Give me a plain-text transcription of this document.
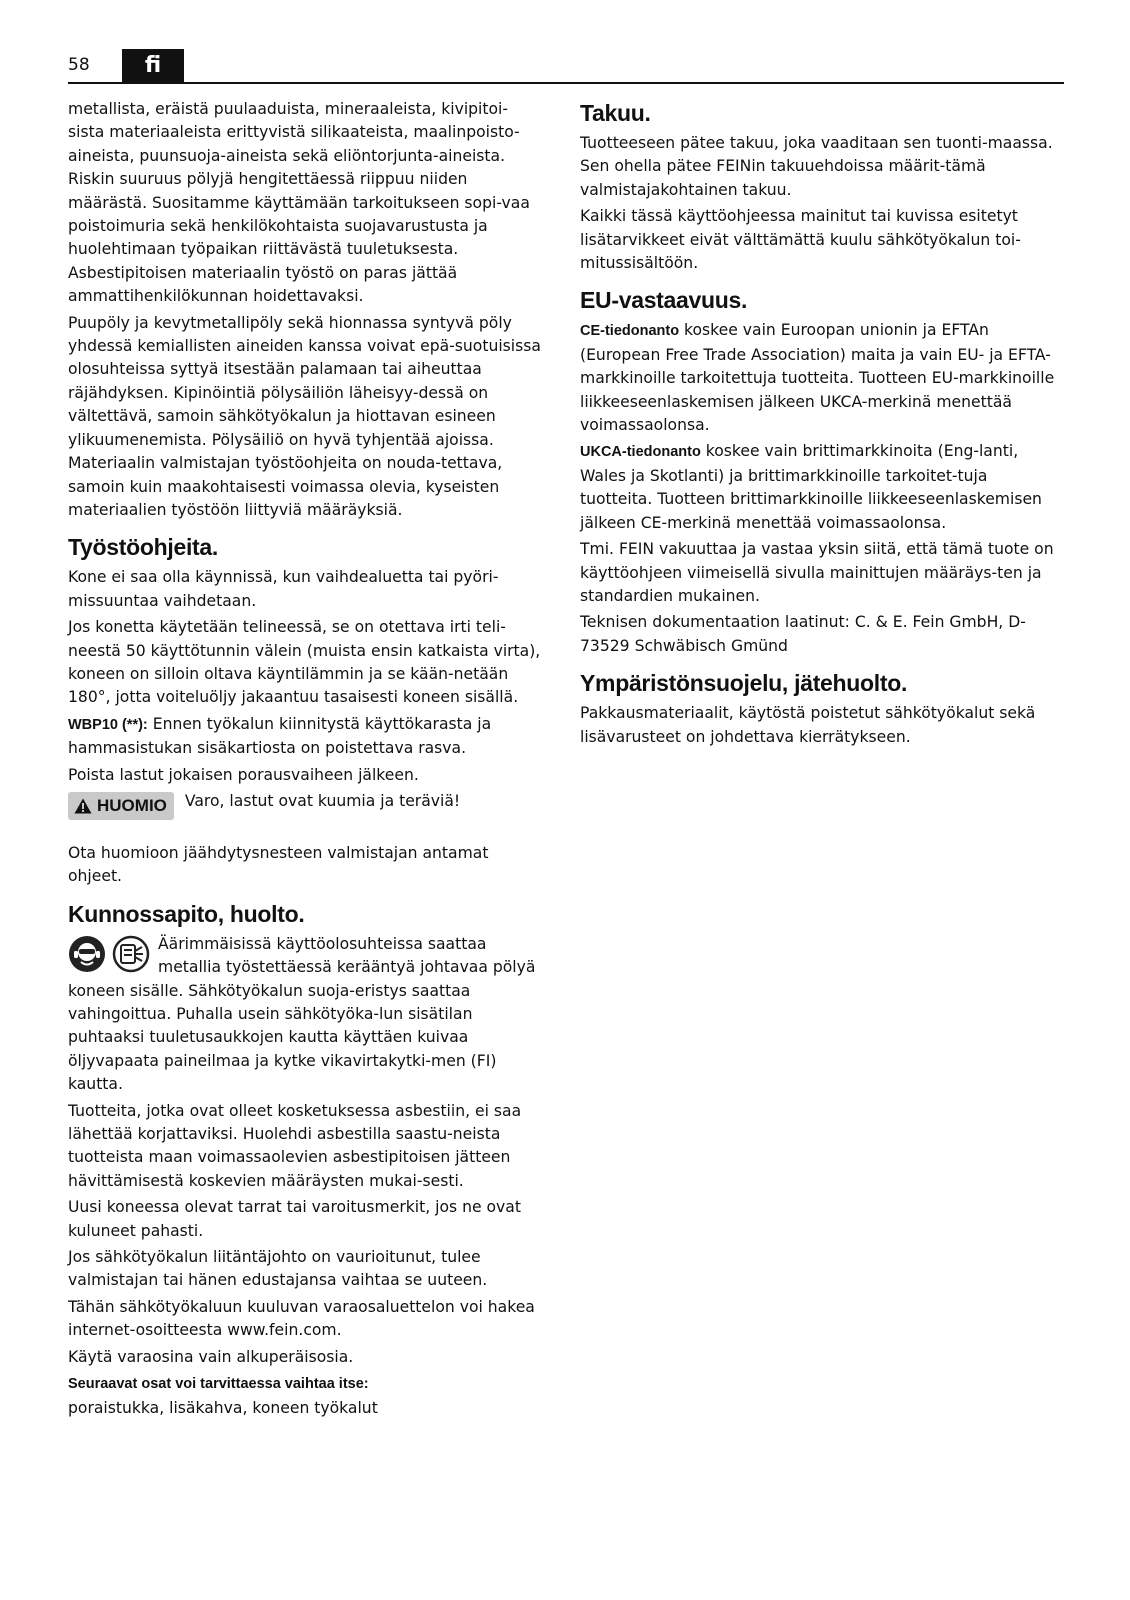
58	fi

metallista, eräistä puulaaduista, mineraaleista, kivipitoi-sista materiaaleista erittyvistä silikaateista, maalinpoisto-aineista, puunsuoja-aineista sekä eliöntorjunta-aineista. Riskin suuruus pölyjä hengitettäessä riippuu niiden määrästä. Suositamme käyttämään tarkoitukseen sopi-vaa poistoimuria sekä henkilökohtaista suojavarustusta ja huolehtimaan työpaikan riittävästä tuuletuksesta. Asbestipitoisen materiaalin työstö on paras jättää ammattihenkilökunnan hoidettavaksi.

Puupöly ja kevytmetallipöly sekä hionnassa syntyvä pöly yhdessä kemiallisten aineiden kanssa voivat epä-suotuisissa olosuhteissa syttyä itsestään palamaan tai aiheuttaa räjähdyksen. Kipinöintiä pölysäiliön läheisyy-dessä on vältettävä, samoin sähkötyökalun ja hiottavan esineen ylikuumenemista. Pölysäiliö on hyvä tyhjentää ajoissa. Materiaalin valmistajan työstöohjeita on nouda-tettava, samoin kuin maakohtaisesti voimassa olevia, kyseisten materiaalien työstöön liittyviä määräyksiä.

Työstöohjeita.

Kone ei saa olla käynnissä, kun vaihdealuetta tai pyöri-missuuntaa vaihdetaan.

Jos konetta käytetään telineessä, se on otettava irti teli-neestä 50 käyttötunnin välein (muista ensin katkaista virta), koneen on silloin oltava käyntilämmin ja se kään-netään 180°, jotta voiteluöljy jakaantuu tasaisesti koneen sisällä.

WBP10 (**): Ennen työkalun kiinnitystä käyttökarasta ja hammasistukan sisäkartiosta on poistettava rasva.

Poista lastut jokaisen porausvaiheen jälkeen.

HUOMIO Varo, lastut ovat kuumia ja teräviä!

Ota huomioon jäähdytysnesteen valmistajan antamat ohjeet.

Kunnossapito, huolto.
Äärimmäisissä käyttöolosuhteissa saattaa metallia työstettäessä kerääntyä johtavaa pölyä koneen sisälle. Sähkötyökalun suoja-eristys saattaa vahingoittua. Puhalla usein sähkötyöka-lun sisätilan puhtaaksi tuuletusaukkojen kautta käyttäen kuivaa öljyvapaata paineilmaa ja kytke vikavirtakytki-men (FI) kautta.

Tuotteita, jotka ovat olleet kosketuksessa asbestiin, ei saa lähettää korjattaviksi. Huolehdi asbestilla saastu-neista tuotteista maan voimassaolevien asbestipitoisen jätteen hävittämisestä koskevien määräysten mukai-sesti.

Uusi koneessa olevat tarrat tai varoitusmerkit, jos ne ovat kuluneet pahasti.

Jos sähkötyökalun liitäntäjohto on vaurioitunut, tulee valmistajan tai hänen edustajansa vaihtaa se uuteen.

Tähän sähkötyökaluun kuuluvan varaosaluettelon voi hakea internet-osoitteesta www.fein.com.

Käytä varaosina vain alkuperäisosia.

Seuraavat osat voi tarvittaessa vaihtaa itse:
poraistukka, lisäkahva, koneen työkalut

Takuu.

Tuotteeseen pätee takuu, joka vaaditaan sen tuonti-maassa. Sen ohella pätee FEINin takuuehdoissa määrit-tämä valmistajakohtainen takuu.

Kaikki tässä käyttöohjeessa mainitut tai kuvissa esitetyt lisätarvikkeet eivät välttämättä kuulu sähkötyökalun toi-mitussisältöön.

EU-vastaavuus.

CE-tiedonanto koskee vain Euroopan unionin ja EFTAn (European Free Trade Association) maita ja vain EU- ja EFTA-markkinoille tarkoitettuja tuotteita. Tuotteen EU-markkinoille liikkeeseenlaskemisen jälkeen UKCA-merkinä menettää voimassaolonsa.

UKCA-tiedonanto koskee vain brittimarkkinoita (Eng-lanti, Wales ja Skotlanti) ja brittimarkkinoille tarkoitet-tuja tuotteita. Tuotteen brittimarkkinoille liikkeeseenlaskemisen jälkeen CE-merkinä menettää voimassaolonsa.

Tmi. FEIN vakuuttaa ja vastaa yksin siitä, että tämä tuote on käyttöohjeen viimeisellä sivulla mainittujen määräys-ten ja standardien mukainen.

Teknisen dokumentaation laatinut: C. & E. Fein GmbH, D-73529 Schwäbisch Gmünd

Ympäristönsuojelu, jätehuolto.

Pakkausmateriaalit, käytöstä poistetut sähkötyökalut sekä lisävarusteet on johdettava kierrätykseen.
